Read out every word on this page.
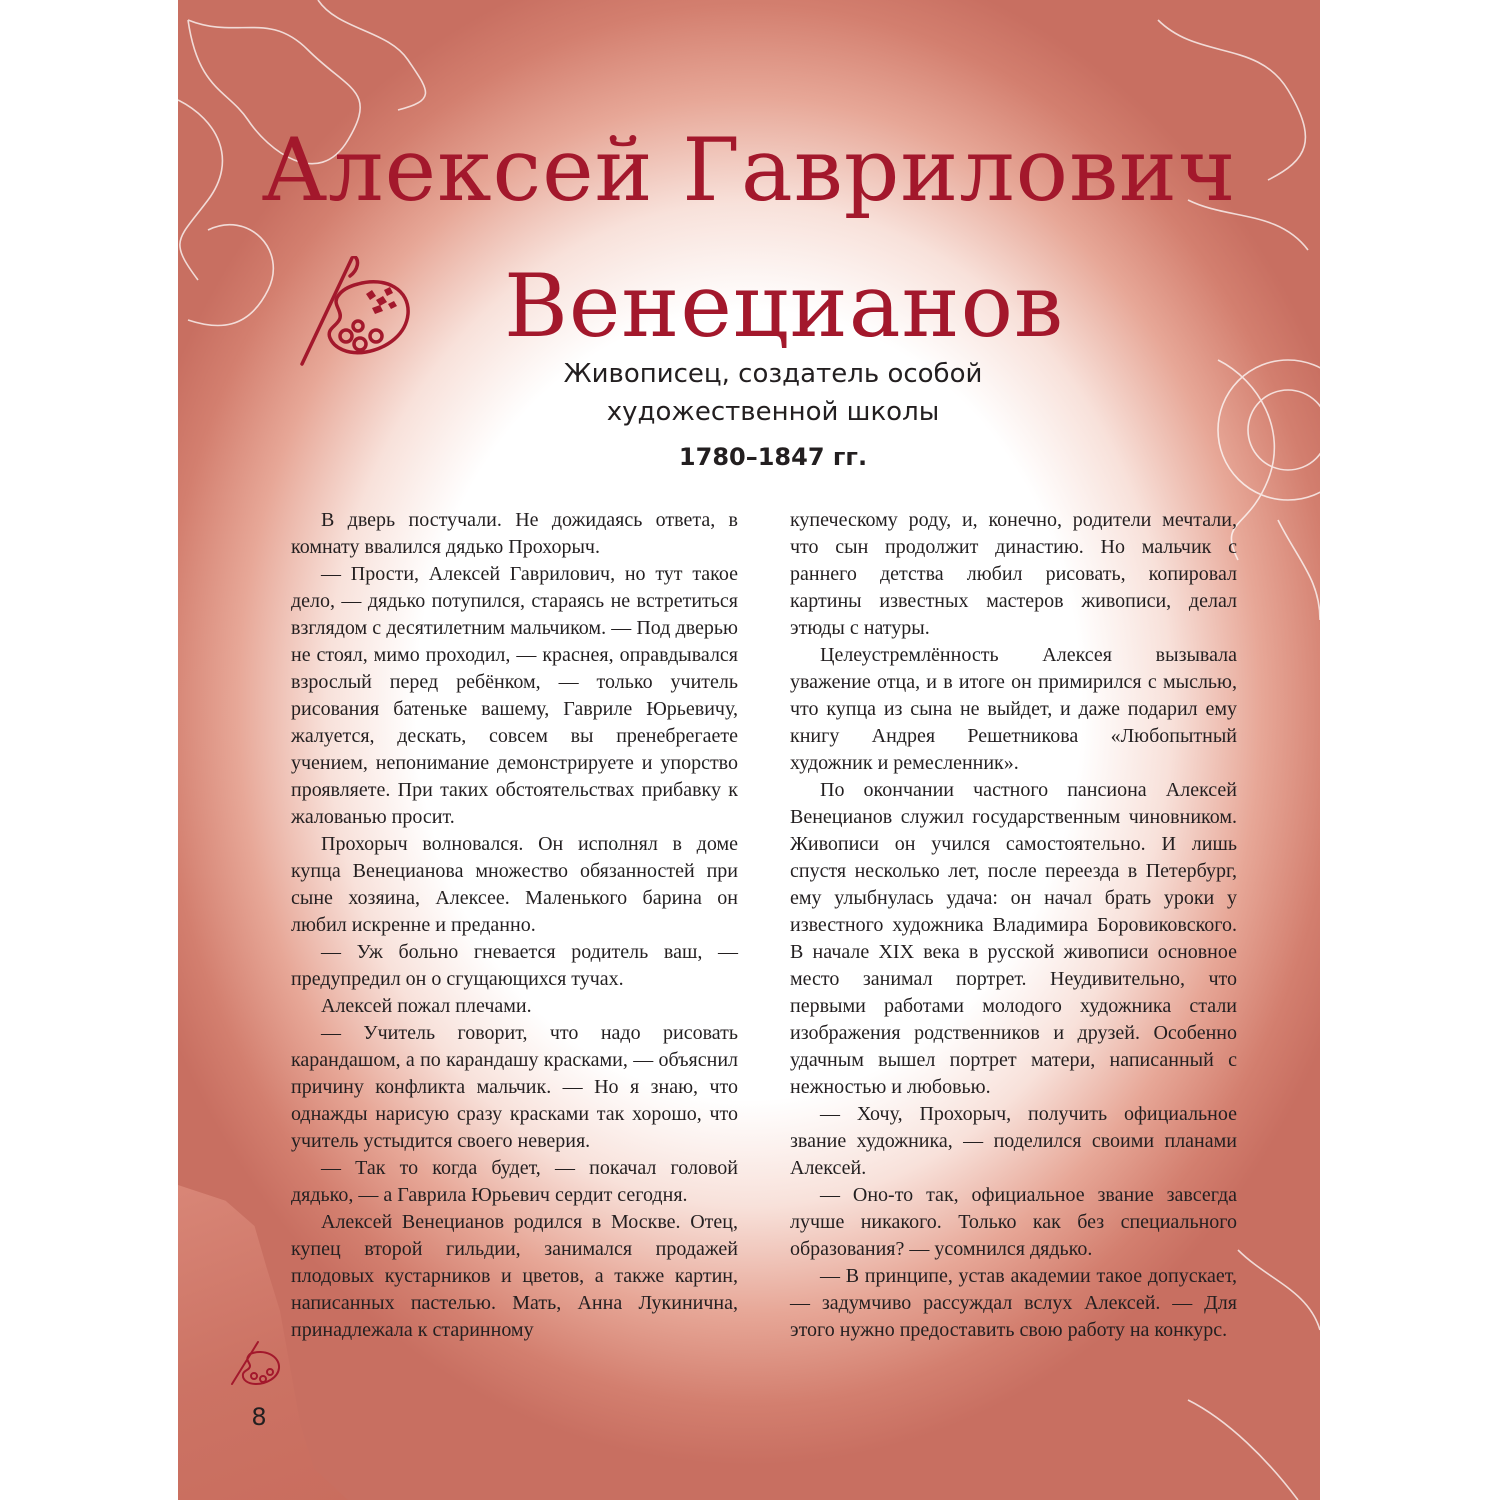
Алексей Гаврилович
Венецианов
Живописец, создатель особой
художественной школы
1780–1847 гг.

В дверь постучали. Не дожидаясь ответа, в комнату ввалился дядько Прохорыч.

— Прости, Алексей Гаврилович, но тут такое дело, — дядько потупился, стараясь не встретиться взглядом с десятилетним мальчиком. — Под дверью не стоял, мимо проходил, — краснея, оправдывался взрослый перед ребёнком, — только учитель рисования батеньке вашему, Гавриле Юрьевичу, жалуется, дескать, совсем вы пренебрегаете учением, непонимание демонстрируете и упорство проявляете. При таких обстоятельствах прибавку к жалованью просит.

Прохорыч волновался. Он исполнял в доме купца Венецианова множество обязанностей при сыне хозяина, Алексее. Маленького барина он любил искренне и преданно.

— Уж больно гневается родитель ваш, — предупредил он о сгущающихся тучах.

Алексей пожал плечами.

— Учитель говорит, что надо рисовать карандашом, а по карандашу красками, — объяснил причину конфликта мальчик. — Но я знаю, что однажды нарисую сразу красками так хорошо, что учитель устыдится своего неверия.

— Так то когда будет, — покачал головой дядько, — а Гаврила Юрьевич сердит сегодня.

Алексей Венецианов родился в Москве. Отец, купец второй гильдии, занимался продажей плодовых кустарников и цветов, а также картин, написанных пастелью. Мать, Анна Лукинична, принадлежала к старинному

купеческому роду, и, конечно, родители мечтали, что сын продолжит династию. Но мальчик с раннего детства любил рисовать, копировал картины известных мастеров живописи, делал этюды с натуры.

Целеустремлённость Алексея вызывала уважение отца, и в итоге он примирился с мыслью, что купца из сына не выйдет, и даже подарил ему книгу Андрея Решетникова «Любопытный художник и ремесленник».

По окончании частного пансиона Алексей Венецианов служил государственным чиновником. Живописи он учился самостоятельно. И лишь спустя несколько лет, после переезда в Петербург, ему улыбнулась удача: он начал брать уроки у известного художника Владимира Боровиковского. В начале XIX века в русской живописи основное место занимал портрет. Неудивительно, что первыми работами молодого художника стали изображения родственников и друзей. Особенно удачным вышел портрет матери, написанный с нежностью и любовью.

— Хочу, Прохорыч, получить официальное звание художника, — поделился своими планами Алексей.

— Оно-то так, официальное звание завсегда лучше никакого. Только как без специального образования? — усомнился дядько.

— В принципе, устав академии такое допускает, — задумчиво рассуждал вслух Алексей. — Для этого нужно предоставить свою работу на конкурс.

8
